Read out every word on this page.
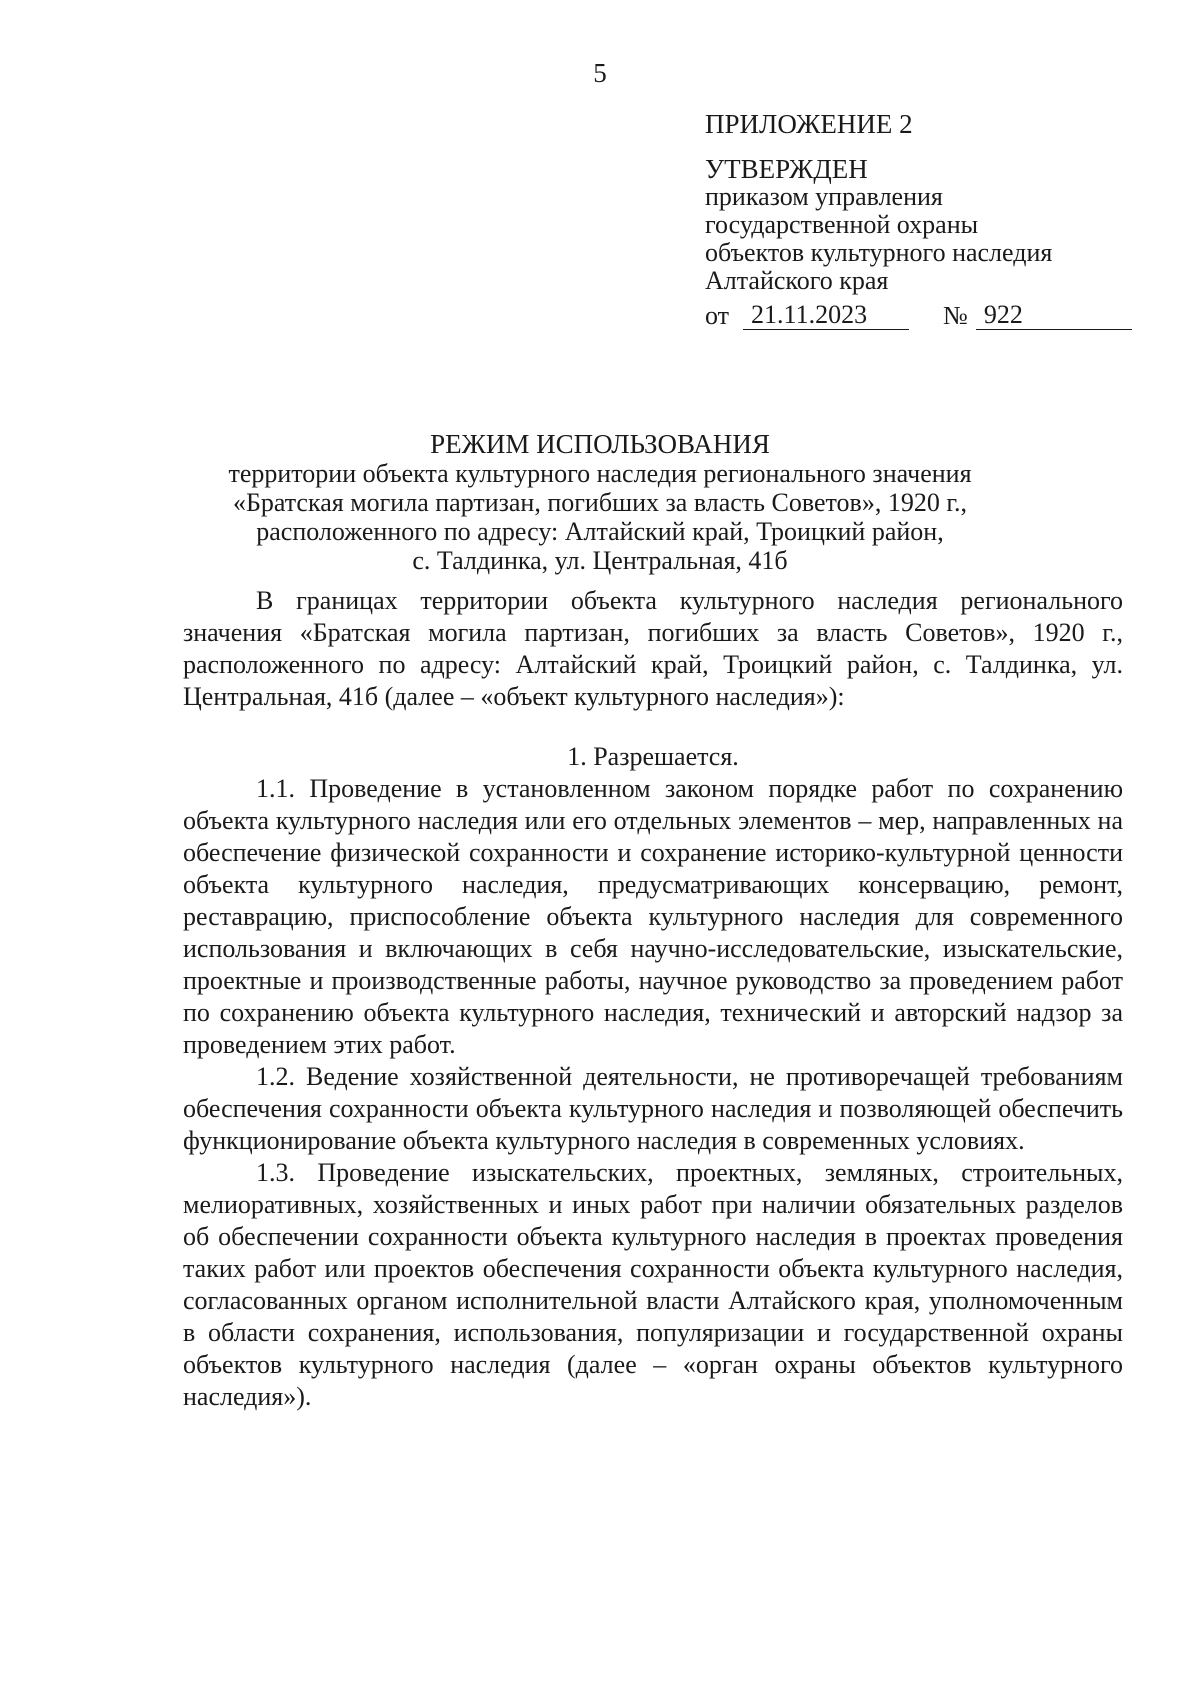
5
ПРИЛОЖЕНИЕ 2
УТВЕРЖДЕН
приказом управления
государственной охраны
объектов культурного наследия
Алтайского края
от 21.11.2023	№ 922
РЕЖИМ ИСПОЛЬЗОВАНИЯ
территории объекта культурного наследия регионального значения
«Братская могила партизан, погибших за власть Советов», 1920 г.,
расположенного по адресу: Алтайский край, Троицкий район,
с. Талдинка, ул. Центральная, 41б

В границах территории объекта культурного наследия регионального значения «Братская могила партизан, погибших за власть Советов», 1920 г., расположенного по адресу: Алтайский край, Троицкий район, с. Талдинка, ул. Центральная, 41б (далее – «объект культурного наследия»):

1. Разрешается.

1.1. Проведение в установленном законом порядке работ по сохранению объекта культурного наследия или его отдельных элементов – мер, направленных на обеспечение физической сохранности и сохранение историко-культурной ценности объекта культурного наследия, предусматривающих консервацию, ремонт, реставрацию, приспособление объекта культурного наследия для современного использования и включающих в себя научно-исследовательские, изыскательские, проектные и производственные работы, научное руководство за проведением работ по сохранению объекта культурного наследия, технический и авторский надзор за проведением этих работ.

1.2. Ведение хозяйственной деятельности, не противоречащей требованиям обеспечения сохранности объекта культурного наследия и позволяющей обеспечить функционирование объекта культурного наследия в современных условиях.

1.3. Проведение изыскательских, проектных, земляных, строительных, мелиоративных, хозяйственных и иных работ при наличии обязательных разделов об обеспечении сохранности объекта культурного наследия в проектах проведения таких работ или проектов обеспечения сохранности объекта культурного наследия, согласованных органом исполнительной власти Алтайского края, уполномоченным в области сохранения, использования, популяризации и государственной охраны объектов культурного наследия (далее – «орган охраны объектов культурного наследия»).
